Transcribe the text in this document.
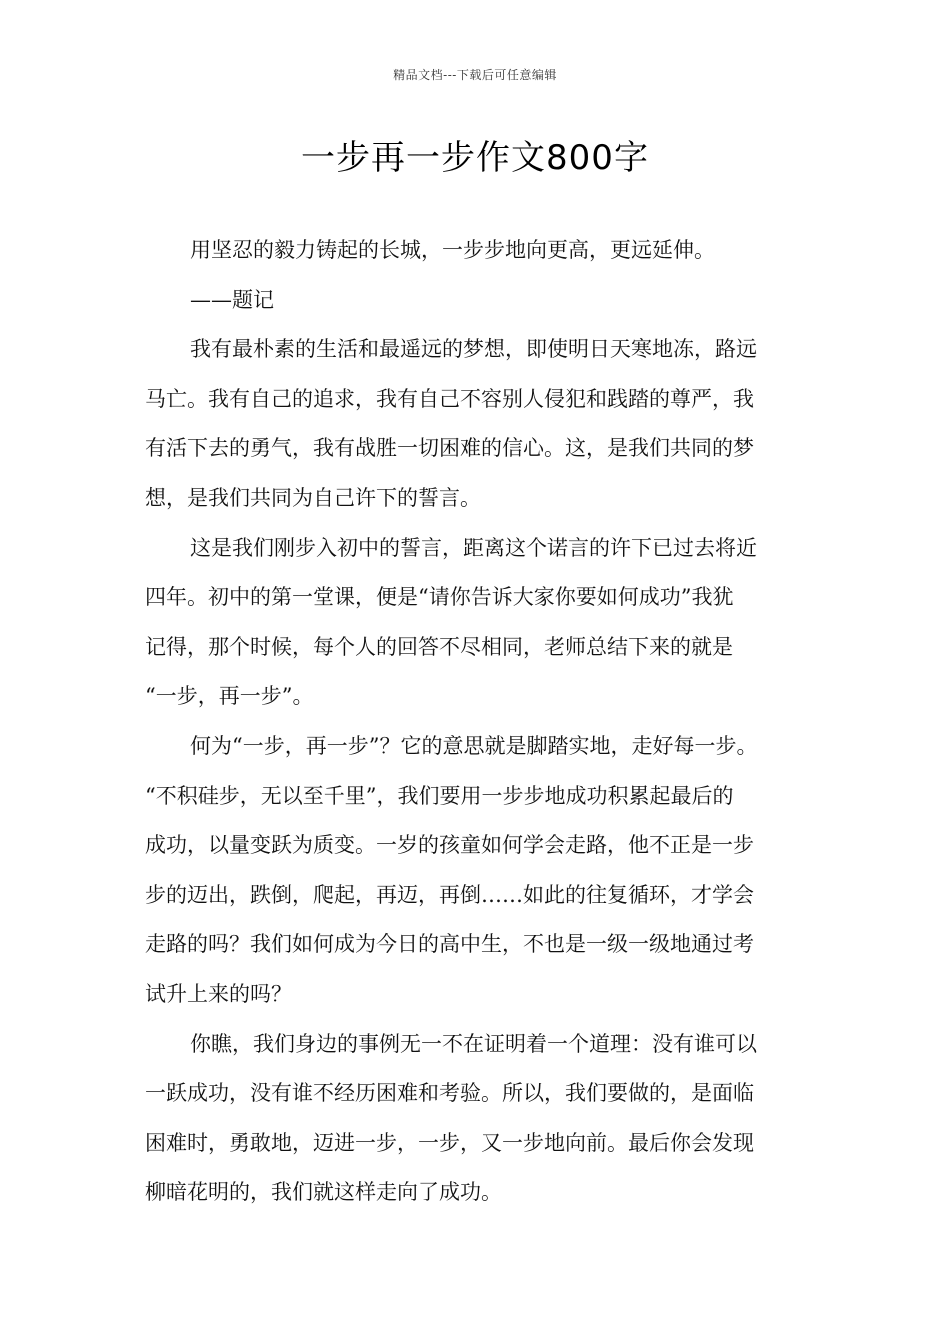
精品文档---下载后可任意编辑
一步再一步作文800字

用坚忍的毅力铸起的长城，一步步地向更高，更远延伸。

——题记

我有最朴素的生活和最遥远的梦想，即使明日天寒地冻，路远
马亡。我有自己的追求，我有自己不容别人侵犯和践踏的尊严，我
有活下去的勇气，我有战胜一切困难的信心。这，是我们共同的梦
想，是我们共同为自己许下的誓言。

这是我们刚步入初中的誓言，距离这个诺言的许下已过去将近
四年。初中的第一堂课，便是“请你告诉大家你要如何成功”我犹
记得，那个时候，每个人的回答不尽相同，老师总结下来的就是
“一步，再一步”。

何为“一步，再一步”？它的意思就是脚踏实地，走好每一步。
“不积硅步，无以至千里”，我们要用一步步地成功积累起最后的
成功，以量变跃为质变。一岁的孩童如何学会走路，他不正是一步
步的迈出，跌倒，爬起，再迈，再倒……如此的往复循环，才学会
走路的吗？我们如何成为今日的高中生，不也是一级一级地通过考
试升上来的吗？

你瞧，我们身边的事例无一不在证明着一个道理：没有谁可以
一跃成功，没有谁不经历困难和考验。所以，我们要做的，是面临
困难时，勇敢地，迈进一步，一步，又一步地向前。最后你会发现
柳暗花明的，我们就这样走向了成功。
